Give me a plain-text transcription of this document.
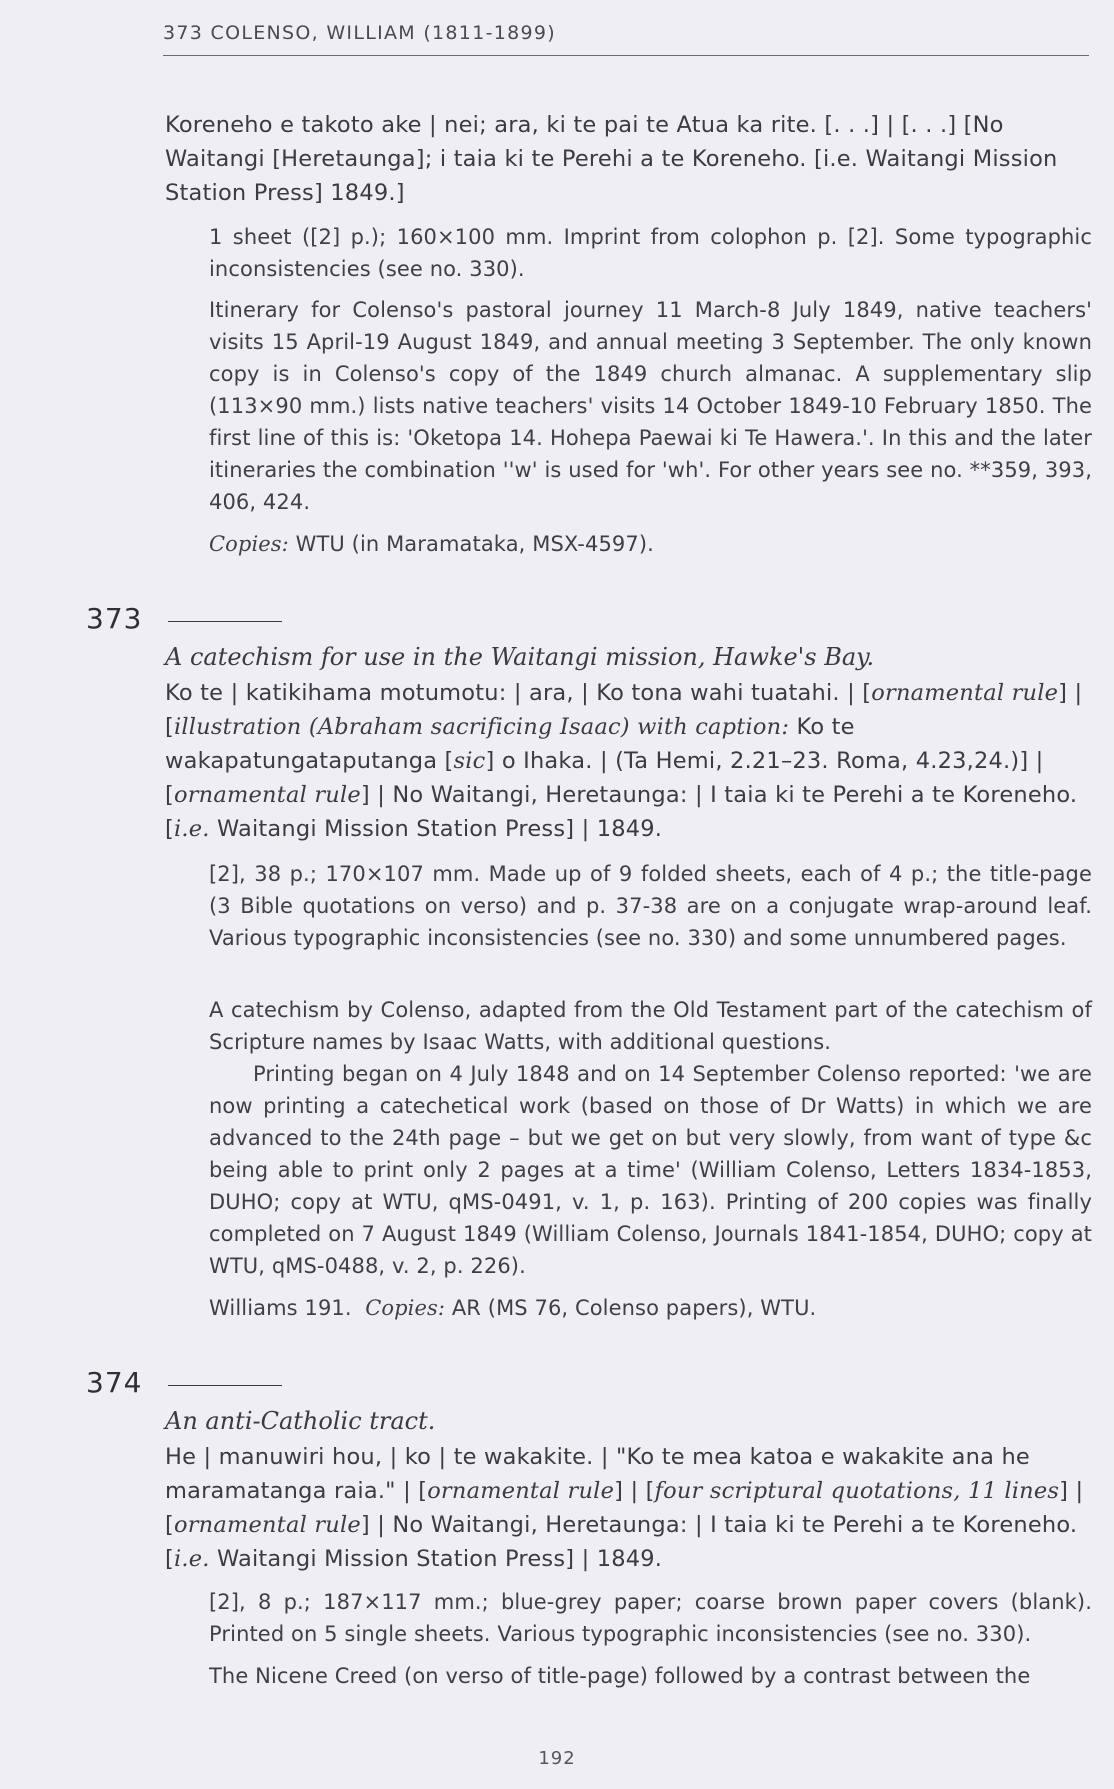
373 COLENSO, WILLIAM (1811-1899)
Koreneho e takoto ake | nei; ara, ki te pai te Atua ka rite. [. . .] | [. . .] [No Waitangi [Heretaunga]; i taia ki te Perehi a te Koreneho. [i.e. Waitangi Mission Station Press] 1849.]
1 sheet ([2] p.); 160×100 mm. Imprint from colophon p. [2]. Some typographic inconsistencies (see no. 330).
Itinerary for Colenso's pastoral journey 11 March-8 July 1849, native teachers' visits 15 April-19 August 1849, and annual meeting 3 September. The only known copy is in Colenso's copy of the 1849 church almanac. A supplementary slip (113×90 mm.) lists native teachers' visits 14 October 1849-10 February 1850. The first line of this is: 'Oketopa 14. Hohepa Paewai ki Te Hawera.'. In this and the later itineraries the combination ''w' is used for 'wh'. For other years see no. **359, 393, 406, 424.
Copies: WTU (in Maramataka, MSX-4597).
373
A catechism for use in the Waitangi mission, Hawke's Bay.
Ko te | katikihama motumotu: | ara, | Ko tona wahi tuatahi. | [ornamental rule] | [illustration (Abraham sacrificing Isaac) with caption: Ko te wakapatungataputanga [sic] o Ihaka. | (Ta Hemi, 2.21–23. Roma, 4.23,24.)] | [ornamental rule] | No Waitangi, Heretaunga: | I taia ki te Perehi a te Koreneho. [i.e. Waitangi Mission Station Press] | 1849.
[2], 38 p.; 170×107 mm. Made up of 9 folded sheets, each of 4 p.; the title-page (3 Bible quotations on verso) and p. 37-38 are on a conjugate wrap-around leaf. Various typographic inconsistencies (see no. 330) and some unnumbered pages.
A catechism by Colenso, adapted from the Old Testament part of the catechism of Scripture names by Isaac Watts, with additional questions.
Printing began on 4 July 1848 and on 14 September Colenso reported: 'we are now printing a catechetical work (based on those of Dr Watts) in which we are advanced to the 24th page – but we get on but very slowly, from want of type &c being able to print only 2 pages at a time' (William Colenso, Letters 1834-1853, DUHO; copy at WTU, qMS-0491, v. 1, p. 163). Printing of 200 copies was finally completed on 7 August 1849 (William Colenso, Journals 1841-1854, DUHO; copy at WTU, qMS-0488, v. 2, p. 226).
Williams 191. Copies: AR (MS 76, Colenso papers), WTU.
374
An anti-Catholic tract.
He | manuwiri hou, | ko | te wakakite. | "Ko te mea katoa e wakakite ana he maramatanga raia." | [ornamental rule] | [four scriptural quotations, 11 lines] | [ornamental rule] | No Waitangi, Heretaunga: | I taia ki te Perehi a te Koreneho. [i.e. Waitangi Mission Station Press] | 1849.
[2], 8 p.; 187×117 mm.; blue-grey paper; coarse brown paper covers (blank). Printed on 5 single sheets. Various typographic inconsistencies (see no. 330).
The Nicene Creed (on verso of title-page) followed by a contrast between the
192
